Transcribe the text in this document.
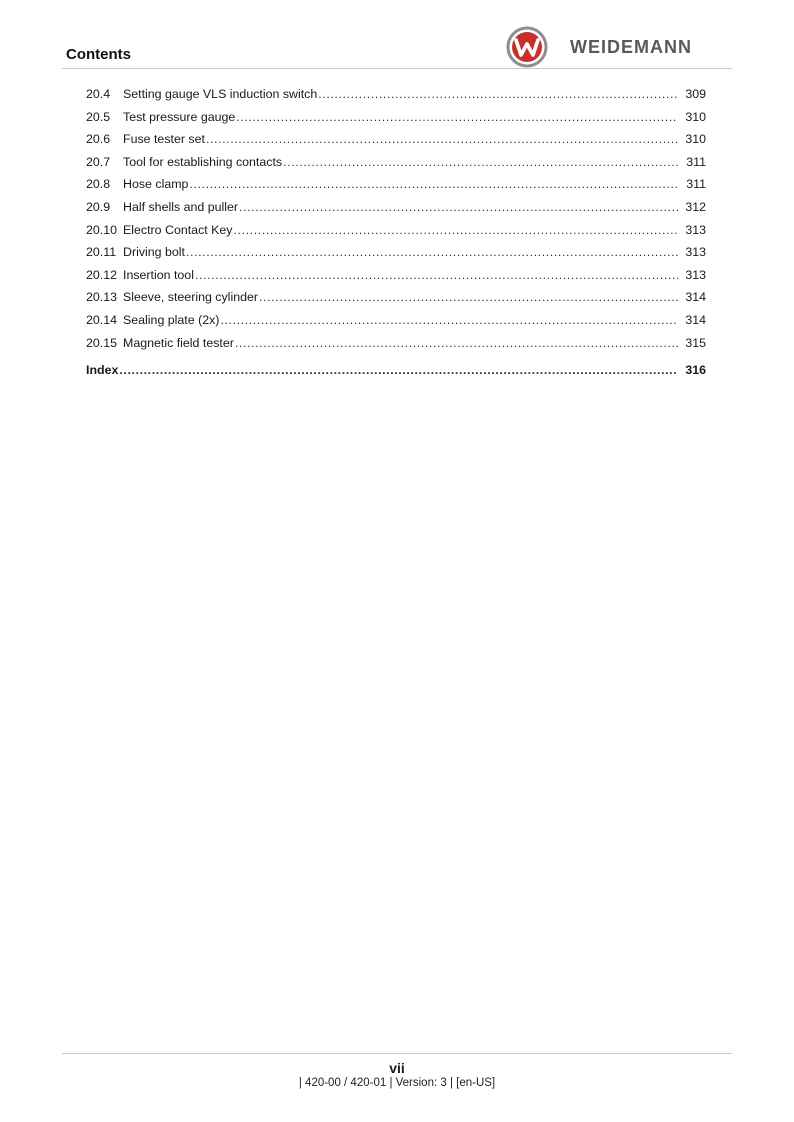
Contents	WEIDEMANN
20.4	Setting gauge VLS induction switch .....	309
20.5	Test pressure gauge .....	310
20.6	Fuse tester set .....	310
20.7	Tool for establishing contacts .....	311
20.8	Hose clamp .....	311
20.9	Half shells and puller .....	312
20.10 Electro Contact Key .....	313
20.11 Driving bolt .....	313
20.12 Insertion tool .....	313
20.13 Sleeve, steering cylinder .....	314
20.14 Sealing plate (2x) .....	314
20.15 Magnetic field tester .....	315
Index .....	316
vii
| 420-00 / 420-01 | Version: 3 | [en-US]
